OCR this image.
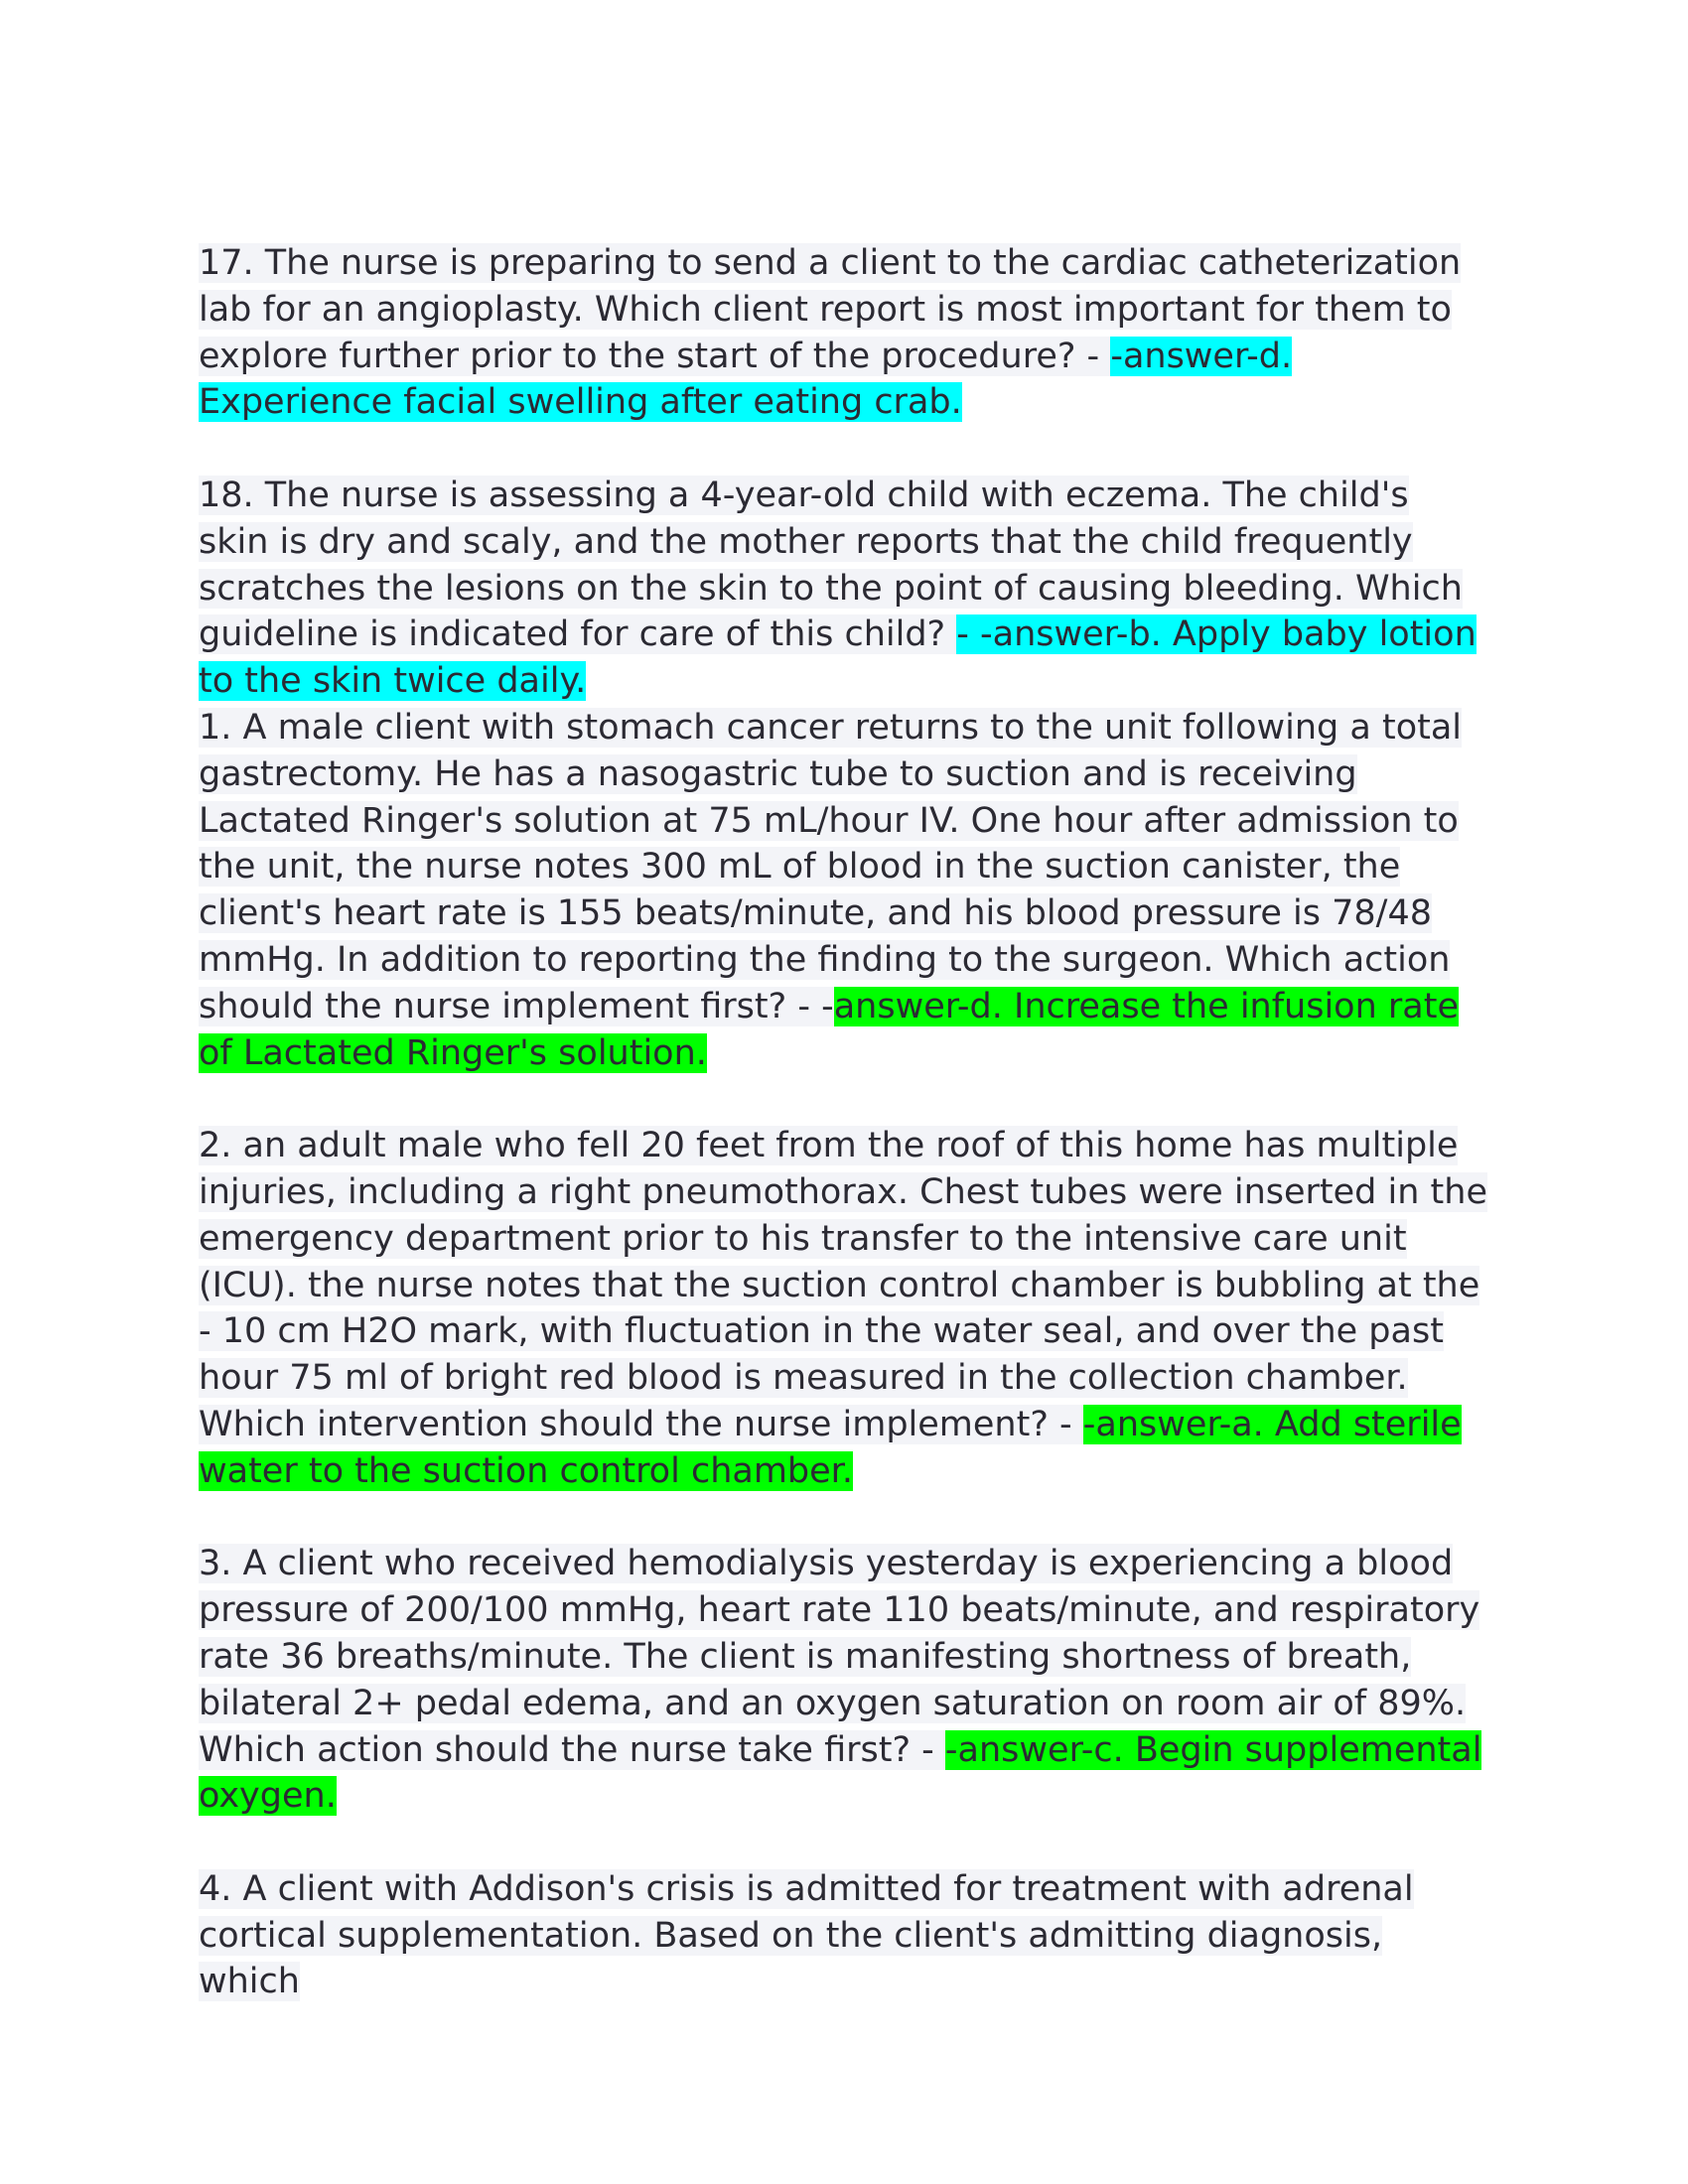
17. The nurse is preparing to send a client to the cardiac catheterization lab for an angioplasty. Which client report is most important for them to explore further prior to the start of the procedure? - -answer-d. Experience facial swelling after eating crab.

18. The nurse is assessing a 4-year-old child with eczema. The child's skin is dry and scaly, and the mother reports that the child frequently scratches the lesions on the skin to the point of causing bleeding. Which guideline is indicated for care of this child? - -answer-b. Apply baby lotion to the skin twice daily.

1. A male client with stomach cancer returns to the unit following a total gastrectomy. He has a nasogastric tube to suction and is receiving Lactated Ringer's solution at 75 mL/hour IV. One hour after admission to the unit, the nurse notes 300 mL of blood in the suction canister, the client's heart rate is 155 beats/minute, and his blood pressure is 78/48 mmHg. In addition to reporting the finding to the surgeon. Which action should the nurse implement first? - -answer-d. Increase the infusion rate of Lactated Ringer's solution.

2. an adult male who fell 20 feet from the roof of this home has multiple injuries, including a right pneumothorax. Chest tubes were inserted in the emergency department prior to his transfer to the intensive care unit (ICU). the nurse notes that the suction control chamber is bubbling at the - 10 cm H2O mark, with fluctuation in the water seal, and over the past hour 75 ml of bright red blood is measured in the collection chamber. Which intervention should the nurse implement? - -answer-a. Add sterile water to the suction control chamber.

3. A client who received hemodialysis yesterday is experiencing a blood pressure of 200/100 mmHg, heart rate 110 beats/minute, and respiratory rate 36 breaths/minute. The client is manifesting shortness of breath, bilateral 2+ pedal edema, and an oxygen saturation on room air of 89%. Which action should the nurse take first? - -answer-c. Begin supplemental oxygen.

4. A client with Addison's crisis is admitted for treatment with adrenal cortical supplementation. Based on the client's admitting diagnosis, which
